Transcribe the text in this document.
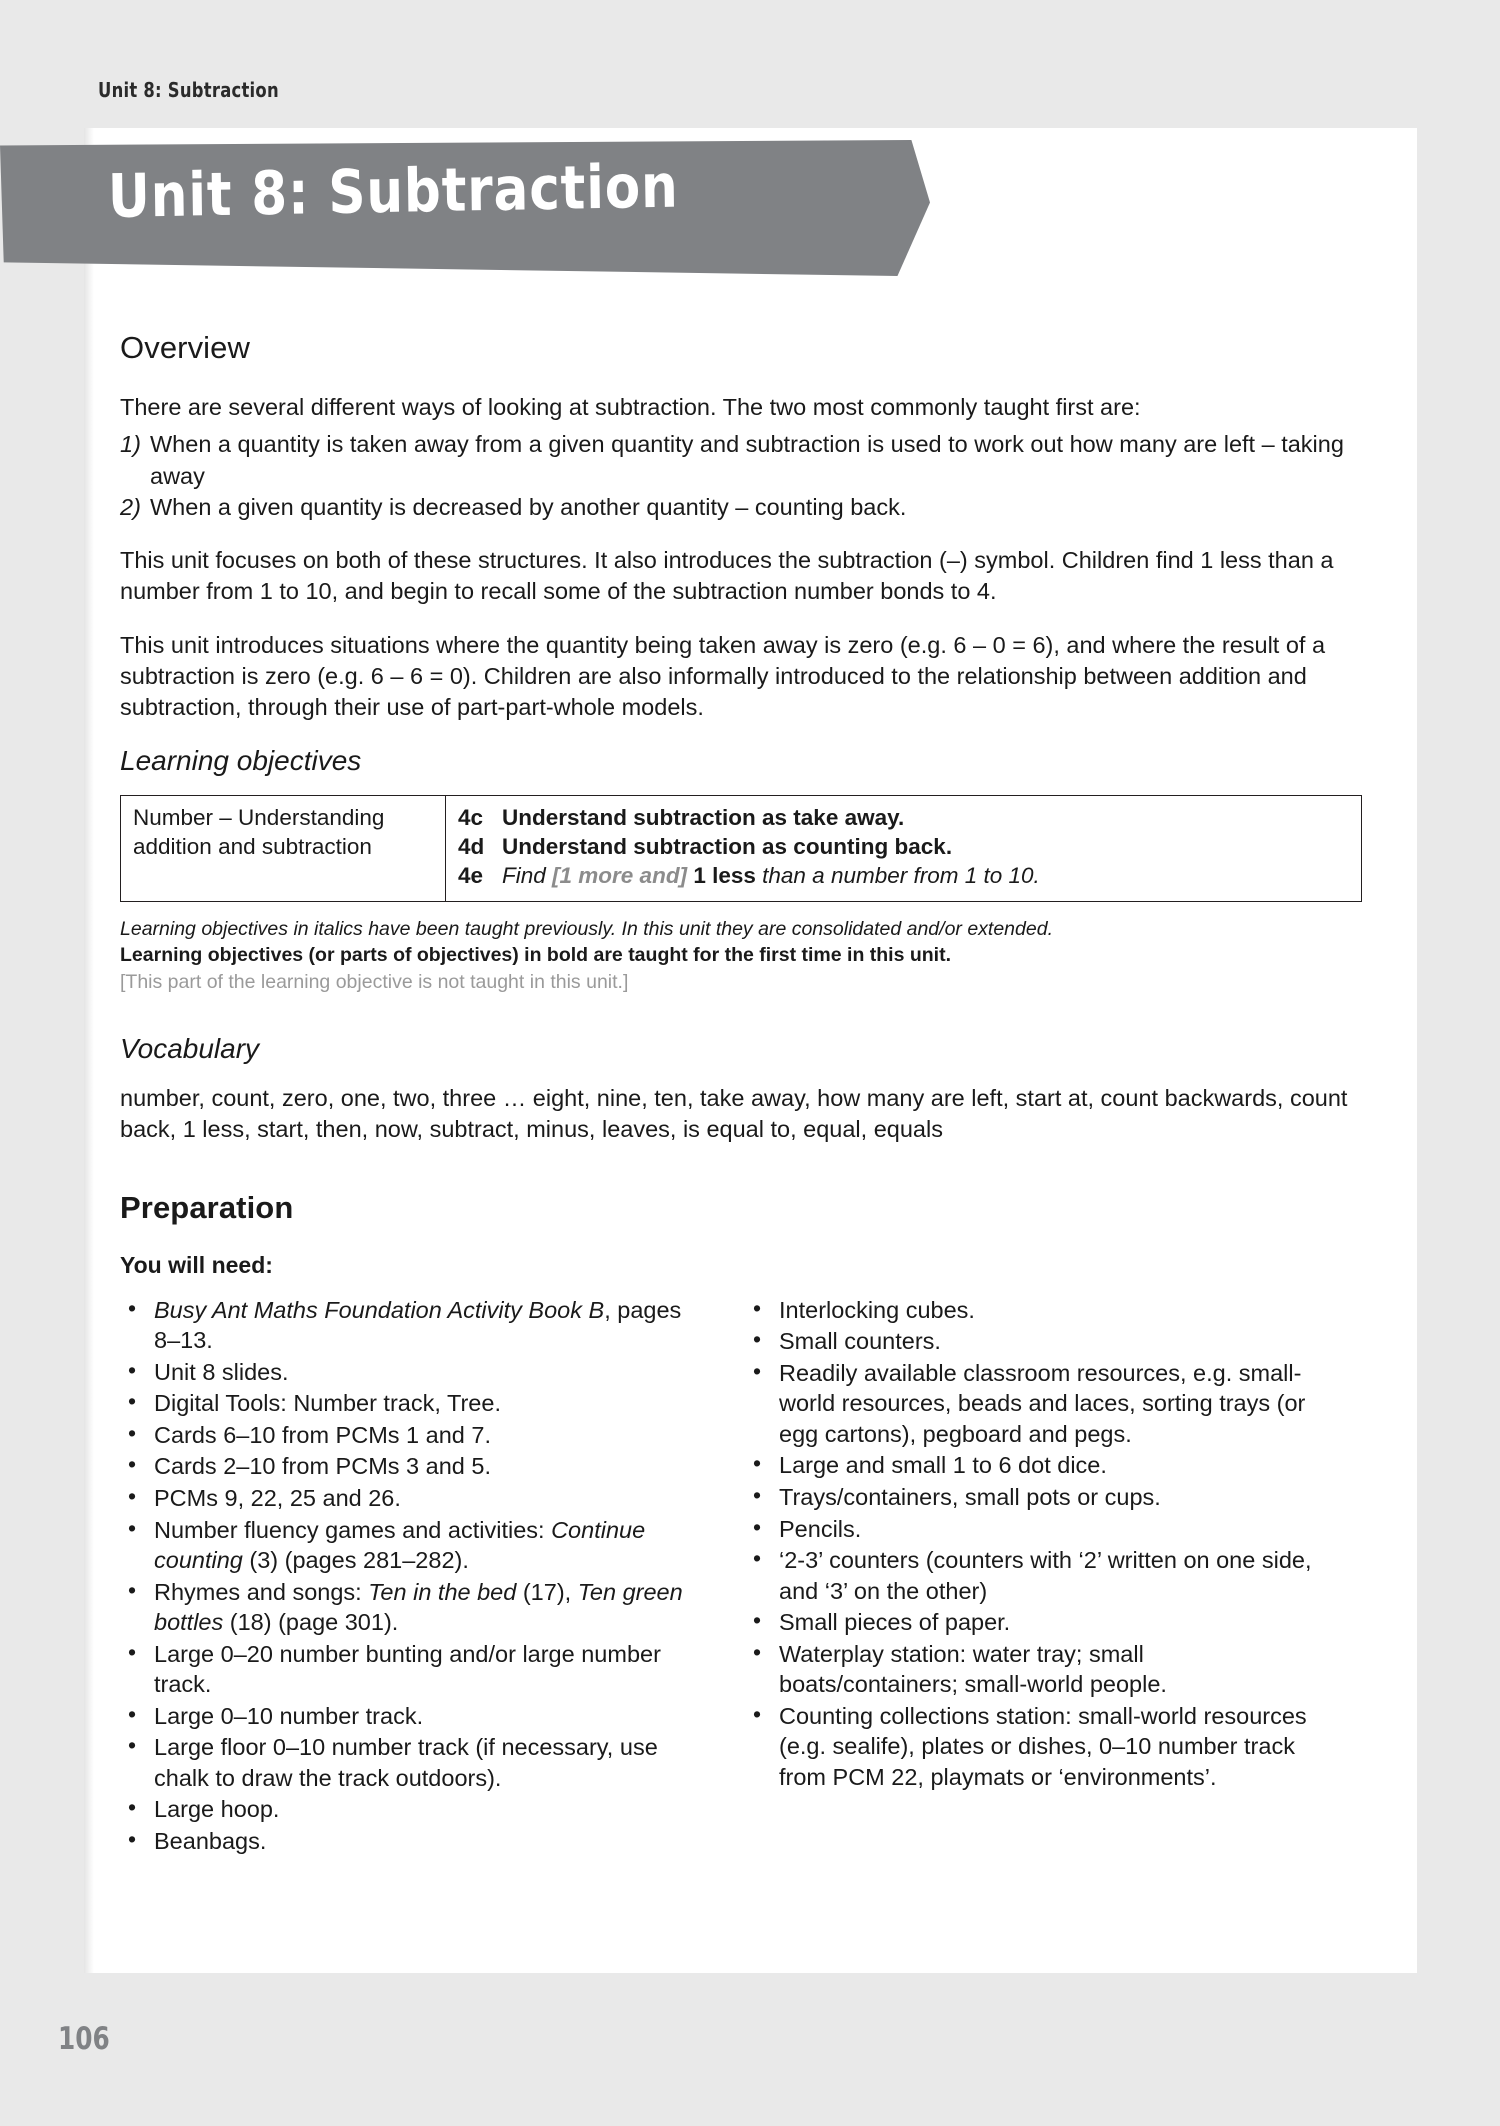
Unit 8: Subtraction
Unit 8: Subtraction
Overview

There are several different ways of looking at subtraction. The two most commonly taught first are:

1) When a quantity is taken away from a given quantity and subtraction is used to work out how many are left – taking away
2) When a given quantity is decreased by another quantity – counting back.

This unit focuses on both of these structures. It also introduces the subtraction (–) symbol. Children find 1 less than a number from 1 to 10, and begin to recall some of the subtraction number bonds to 4.

This unit introduces situations where the quantity being taken away is zero (e.g. 6 – 0 = 6), and where the result of a subtraction is zero (e.g. 6 – 6 = 0). Children are also informally introduced to the relationship between addition and subtraction, through their use of part-part-whole models.

Learning objectives
Number – Understanding addition and subtraction	
4c Understand subtraction as take away.
4d Understand subtraction as counting back.
4e Find [1 more and] 1 less than a number from 1 to 10.
Learning objectives in italics have been taught previously. In this unit they are consolidated and/or extended.
Learning objectives (or parts of objectives) in bold are taught for the first time in this unit.
[This part of the learning objective is not taught in this unit.]
Vocabulary

number, count, zero, one, two, three … eight, nine, ten, take away, how many are left, start at, count backwards, count back, 1 less, start, then, now, subtract, minus, leaves, is equal to, equal, equals

Preparation
You will need:
• Busy Ant Maths Foundation Activity Book B, pages 8–13.
• Unit 8 slides.
• Digital Tools: Number track, Tree.
• Cards 6–10 from PCMs 1 and 7.
• Cards 2–10 from PCMs 3 and 5.
• PCMs 9, 22, 25 and 26.
• Number fluency games and activities: Continue counting (3) (pages 281–282).
• Rhymes and songs: Ten in the bed (17), Ten green bottles (18) (page 301).
• Large 0–20 number bunting and/or large number track.
• Large 0–10 number track.
• Large floor 0–10 number track (if necessary, use chalk to draw the track outdoors).
• Large hoop.
• Beanbags.
• Interlocking cubes.
• Small counters.
• Readily available classroom resources, e.g. small-world resources, beads and laces, sorting trays (or egg cartons), pegboard and pegs.
• Large and small 1 to 6 dot dice.
• Trays/containers, small pots or cups.
• Pencils.
• ‘2-3’ counters (counters with ‘2’ written on one side, and ‘3’ on the other)
• Small pieces of paper.
• Waterplay station: water tray; small boats/containers; small-world people.
• Counting collections station: small-world resources (e.g. sealife), plates or dishes, 0–10 number track from PCM 22, playmats or ‘environments’.
106
